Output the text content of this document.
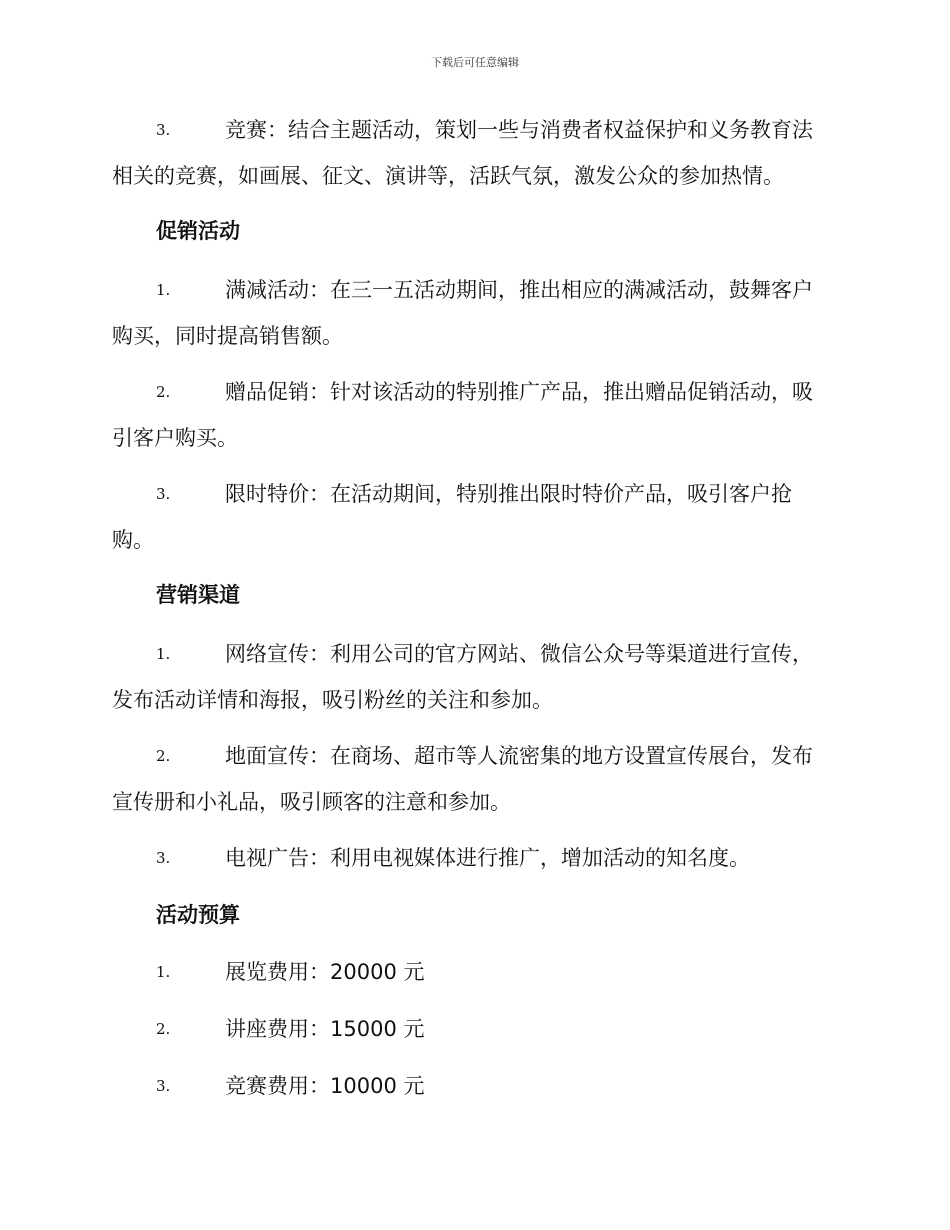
下载后可任意编辑
3.	竞赛：结合主题活动，策划一些与消费者权益保护和义务教育法
相关的竞赛，如画展、征文、演讲等，活跃气氛，激发公众的参加热情。
促销活动
1.	满减活动：在三一五活动期间，推出相应的满减活动，鼓舞客户
购买，同时提高销售额。
2.	赠品促销：针对该活动的特别推广产品，推出赠品促销活动，吸
引客户购买。
3.	限时特价：在活动期间，特别推出限时特价产品，吸引客户抢
购。
营销渠道
1.	网络宣传：利用公司的官方网站、微信公众号等渠道进行宣传，
发布活动详情和海报，吸引粉丝的关注和参加。
2.	地面宣传：在商场、超市等人流密集的地方设置宣传展台，发布
宣传册和小礼品，吸引顾客的注意和参加。
3.	电视广告：利用电视媒体进行推广，增加活动的知名度。
活动预算
1.	展览费用：20000 元
2.	讲座费用：15000 元
3.	竞赛费用：10000 元
